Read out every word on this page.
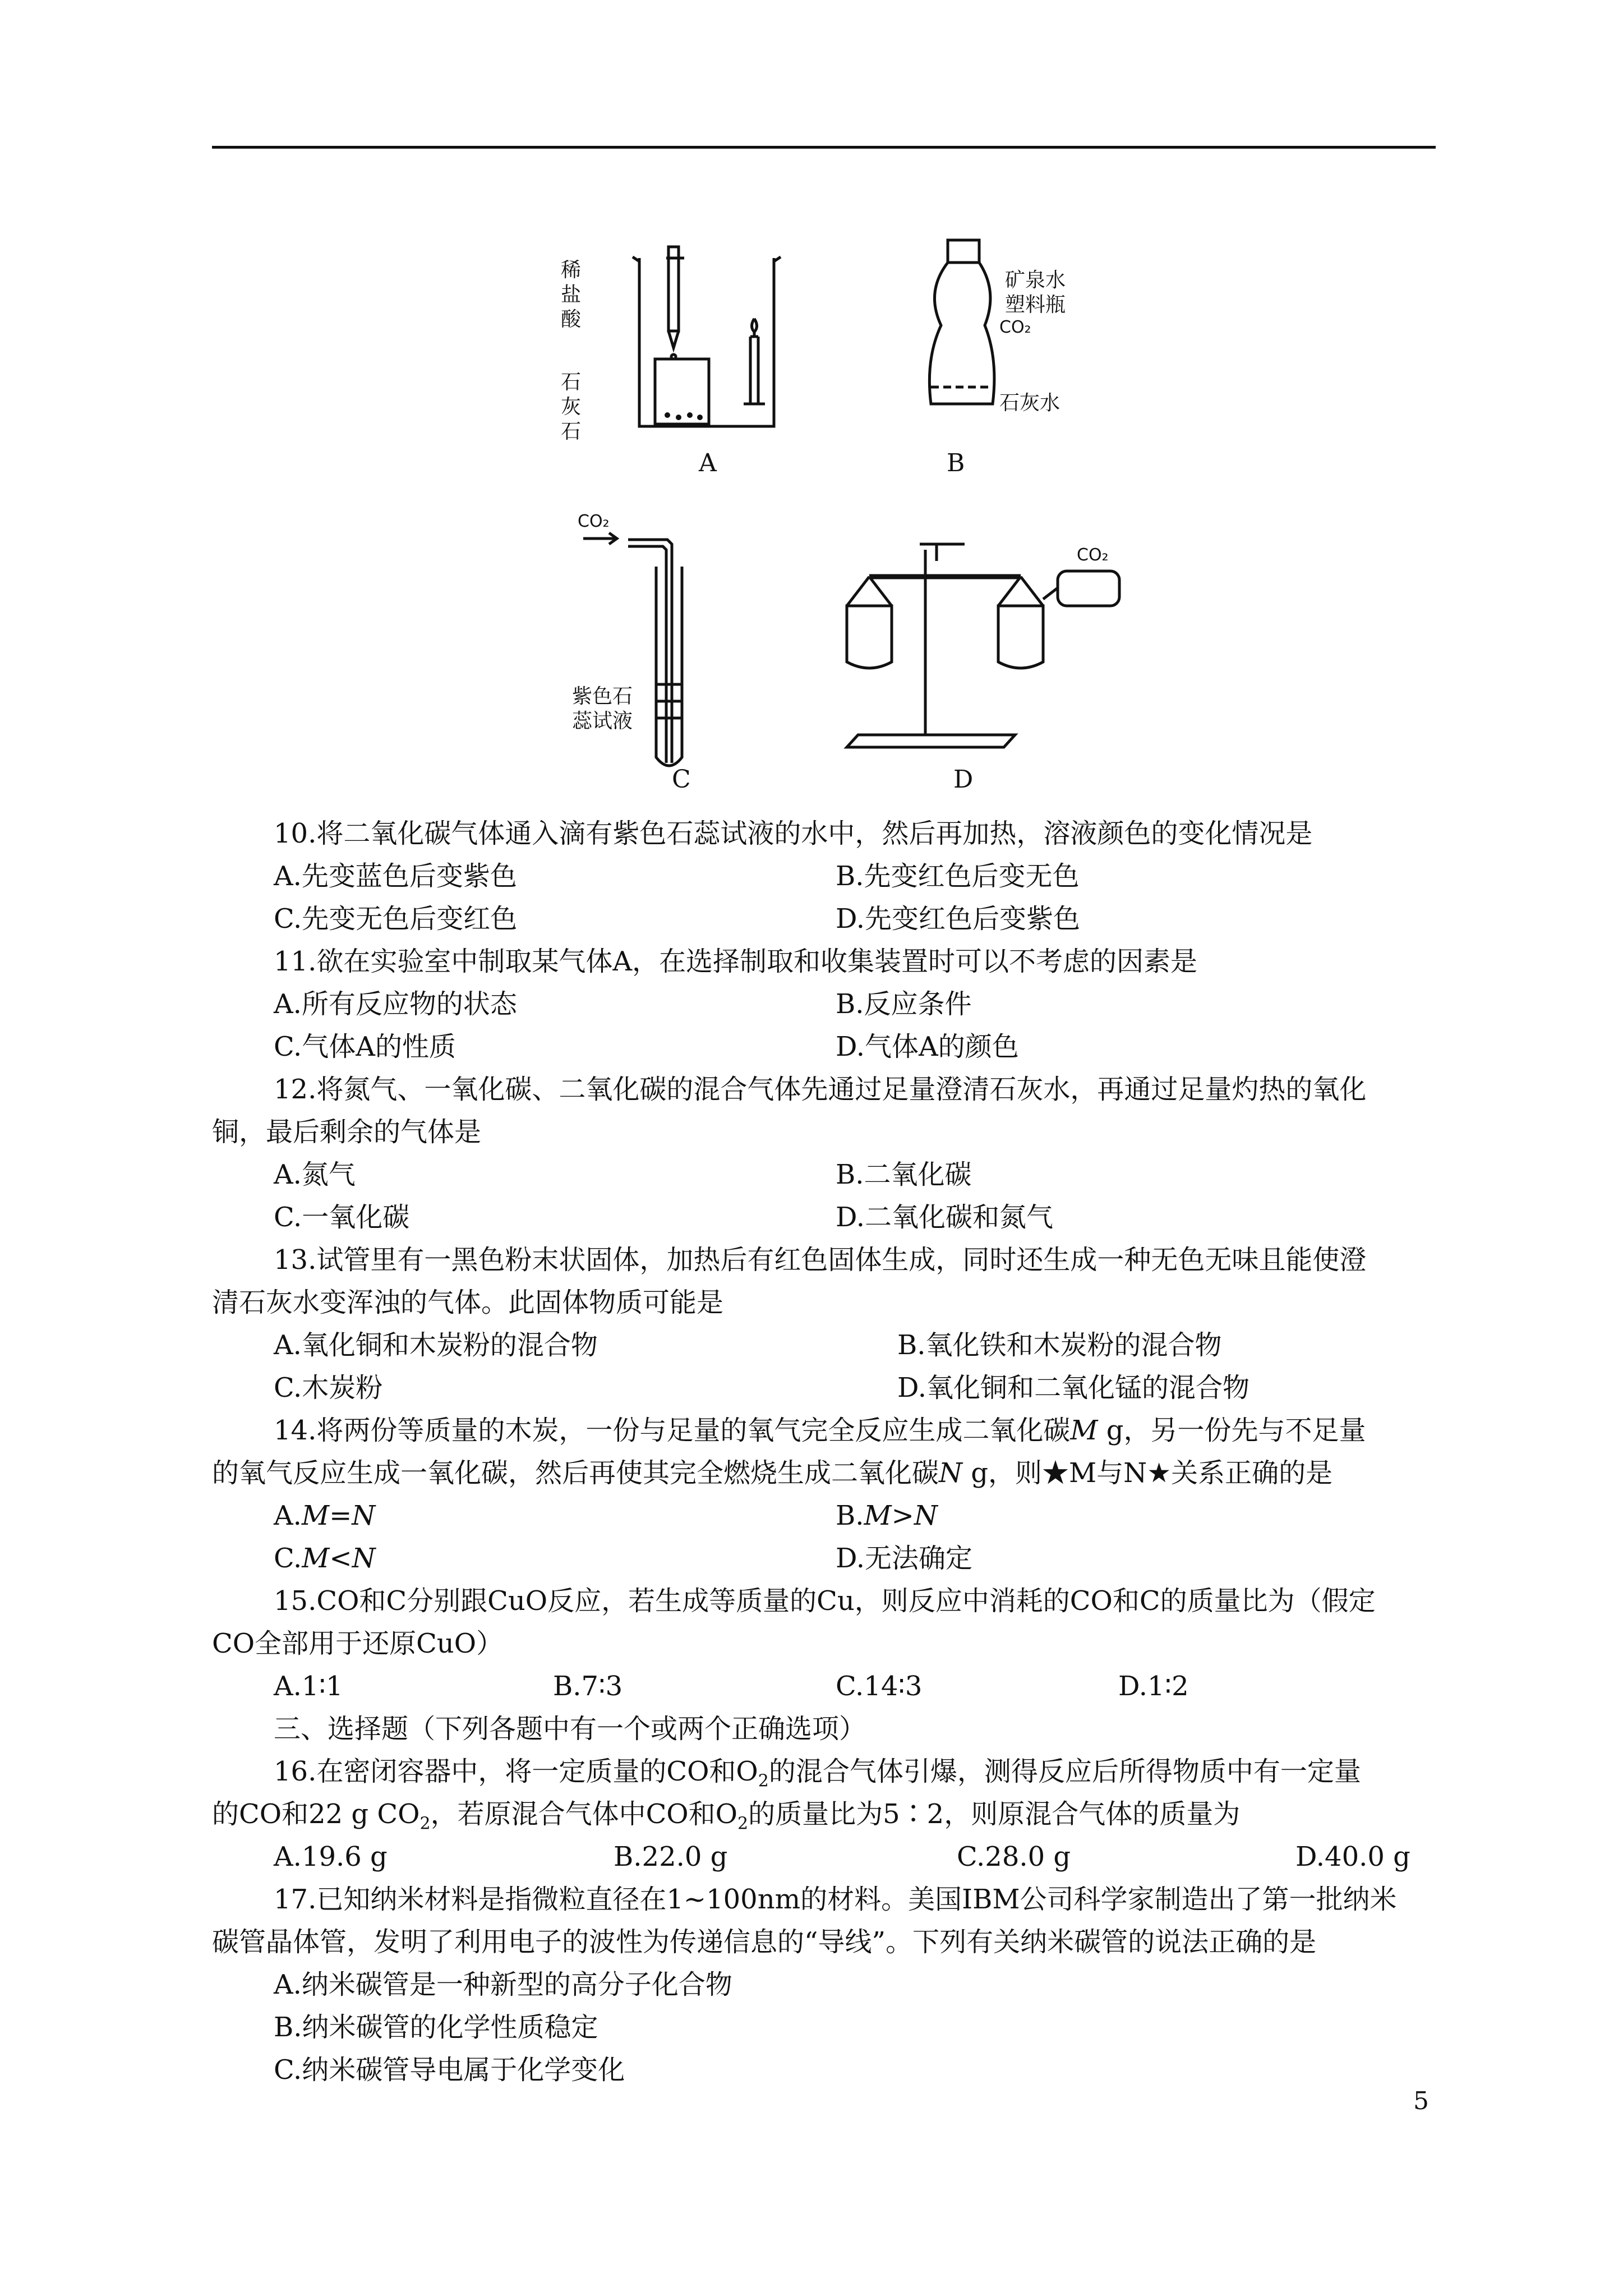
稀
盐
酸
石
灰
石
A
矿泉水
塑料瓶
CO₂
石灰水
B
CO₂
紫色石
蕊试液
C
CO₂
D
10.将二氧化碳气体通入滴有紫色石蕊试液的水中，然后再加热，溶液颜色的变化情况是
A.先变蓝色后变紫色	B.先变红色后变无色
C.先变无色后变红色	D.先变红色后变紫色
11.欲在实验室中制取某气体A，在选择制取和收集装置时可以不考虑的因素是
A.所有反应物的状态	B.反应条件
C.气体A的性质	D.气体A的颜色
12.将氮气、一氧化碳、二氧化碳的混合气体先通过足量澄清石灰水，再通过足量灼热的氧化
铜，最后剩余的气体是
A.氮气	B.二氧化碳
C.一氧化碳	D.二氧化碳和氮气
13.试管里有一黑色粉末状固体，加热后有红色固体生成，同时还生成一种无色无味且能使澄
清石灰水变浑浊的气体。此固体物质可能是
A.氧化铜和木炭粉的混合物	B.氧化铁和木炭粉的混合物
C.木炭粉	D.氧化铜和二氧化锰的混合物
14.将两份等质量的木炭，一份与足量的氧气完全反应生成二氧化碳M g，另一份先与不足量
的氧气反应生成一氧化碳，然后再使其完全燃烧生成二氧化碳N g，则★M与N★关系正确的是
A.M=N	B.M>N
C.M<N	D.无法确定
15.CO和C分别跟CuO反应，若生成等质量的Cu，则反应中消耗的CO和C的质量比为（假定
CO全部用于还原CuO）
A.1∶1	B.7∶3	C.14∶3	D.1∶2
三、选择题（下列各题中有一个或两个正确选项）
16.在密闭容器中，将一定质量的CO和$O_2$的混合气体引爆，测得反应后所得物质中有一定量
的CO和22 g $CO_2$，若原混合气体中CO和$O_2$的质量比为5∶2，则原混合气体的质量为
A.19.6 g	B.22.0 g	C.28.0 g	D.40.0 g
17.已知纳米材料是指微粒直径在1~100nm的材料。美国IBM公司科学家制造出了第一批纳米
碳管晶体管，发明了利用电子的波性为传递信息的“导线”。下列有关纳米碳管的说法正确的是
A.纳米碳管是一种新型的高分子化合物
B.纳米碳管的化学性质稳定
C.纳米碳管导电属于化学变化
5
